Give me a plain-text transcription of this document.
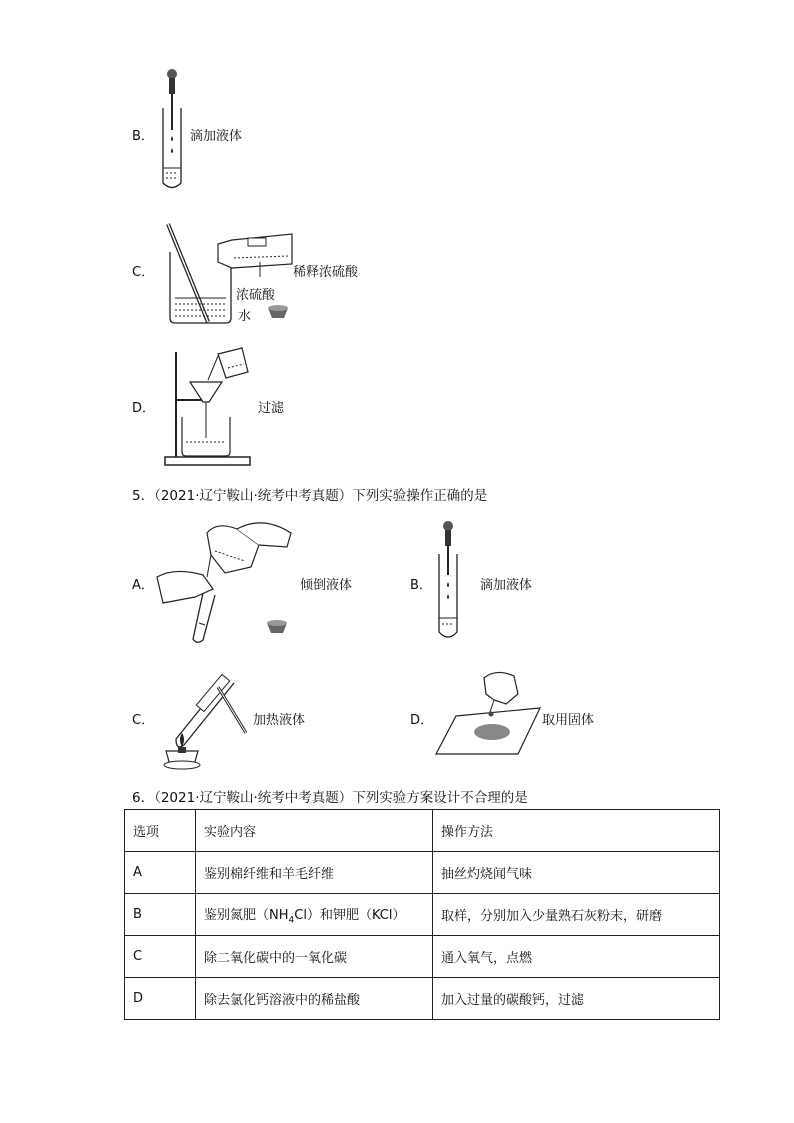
B．	滴加液体
C．	稀释浓硫酸
浓硫酸
水
D．	过滤
5．（2021·辽宁鞍山·统考中考真题）下列实验操作正确的是
A．	倾倒液体	B．	滴加液体
C．	加热液体	D．	取用固体
6．（2021·辽宁鞍山·统考中考真题）下列实验方案设计不合理的是
选项	实验内容	操作方法
A	鉴别棉纤维和羊毛纤维	抽丝灼烧闻气味
B	鉴别氮肥$(NH_4Cl)$和钾肥（KCl）	取样，分别加入少量熟石灰粉末，研磨
C	除二氧化碳中的一氧化碳	通入氧气，点燃
D	除去氯化钙溶液中的稀盐酸	加入过量的碳酸钙，过滤
